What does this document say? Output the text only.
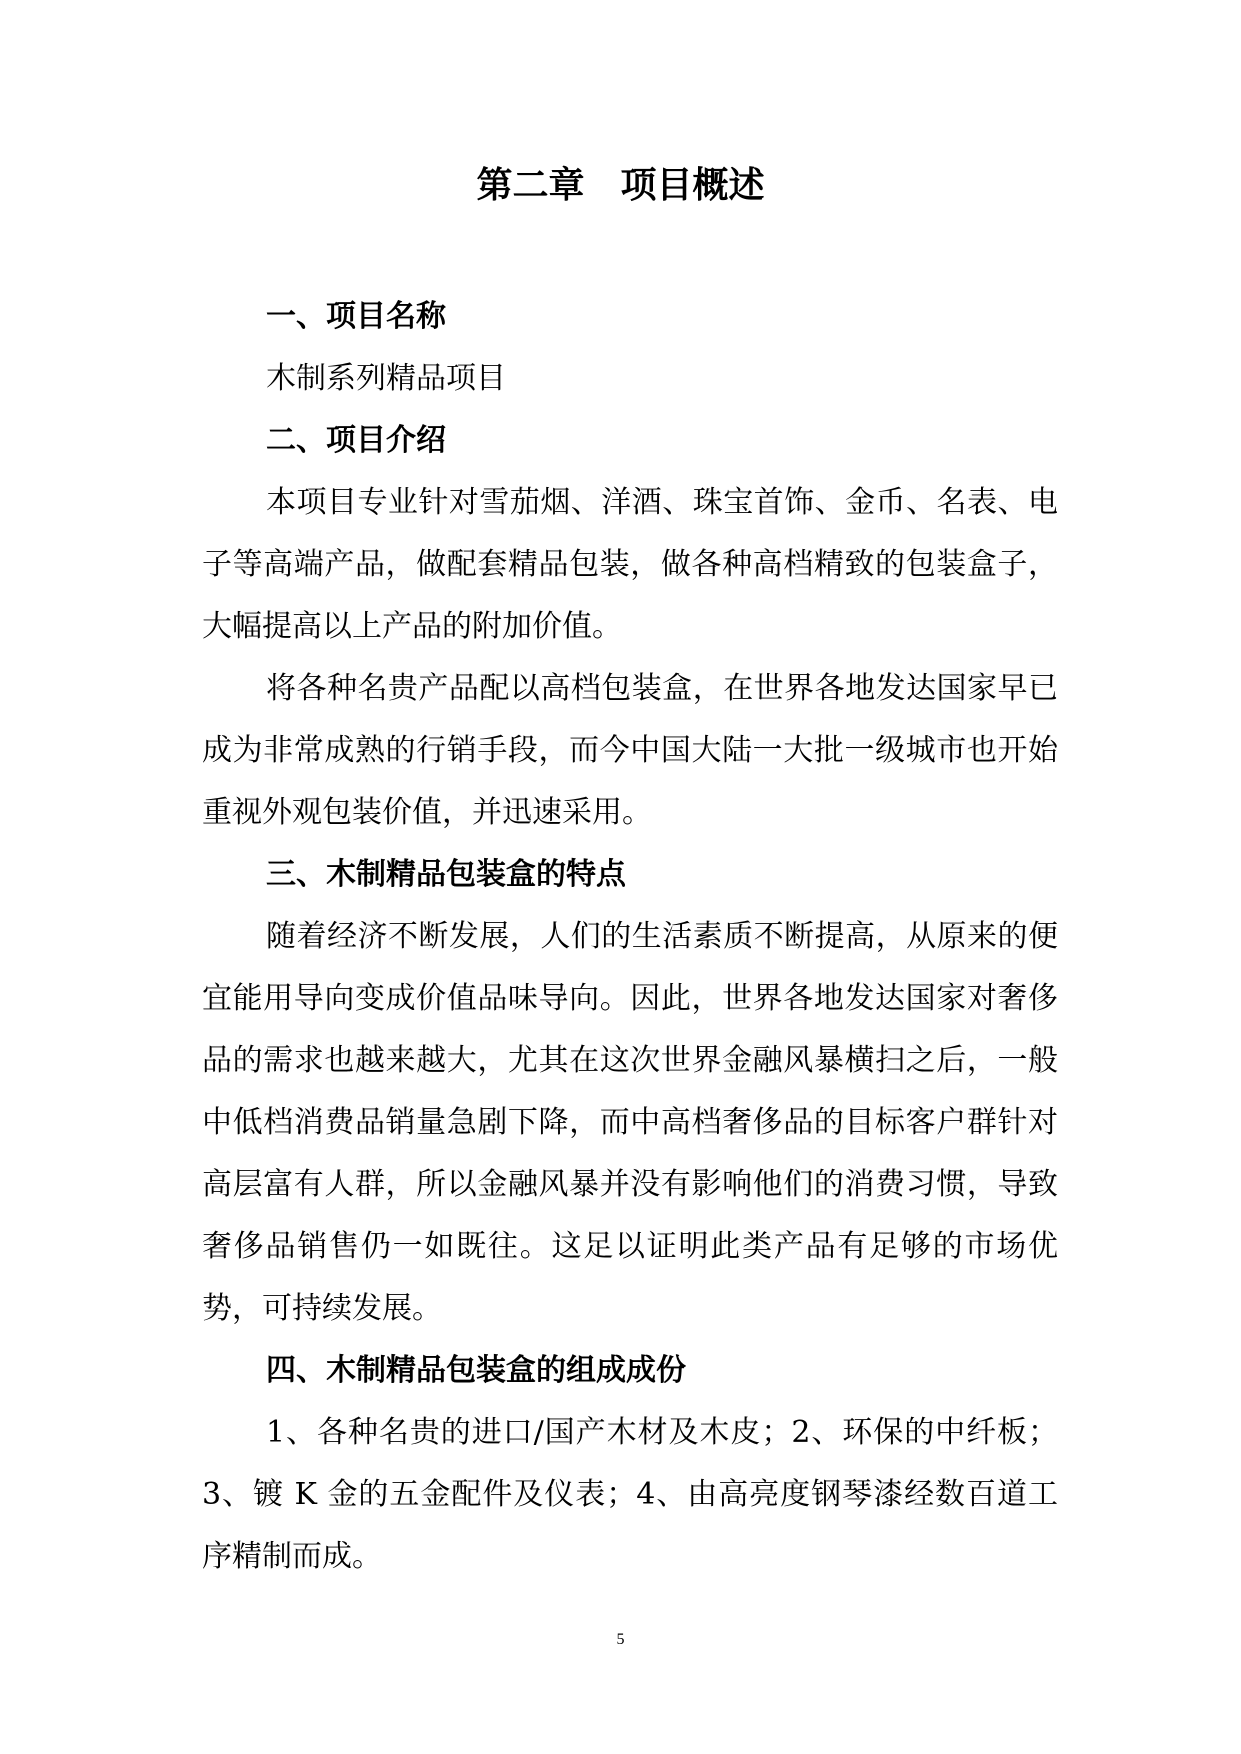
第二章　项目概述
一、项目名称

木制系列精品项目

二、项目介绍

本项目专业针对雪茄烟、洋酒、珠宝首饰、金币、名表、电子等高端产品，做配套精品包装，做各种高档精致的包装盒子，大幅提高以上产品的附加价值。

将各种名贵产品配以高档包装盒，在世界各地发达国家早已成为非常成熟的行销手段，而今中国大陆一大批一级城市也开始重视外观包装价值，并迅速采用。

三、木制精品包装盒的特点

随着经济不断发展，人们的生活素质不断提高，从原来的便宜能用导向变成价值品味导向。因此，世界各地发达国家对奢侈品的需求也越来越大，尤其在这次世界金融风暴横扫之后，一般中低档消费品销量急剧下降，而中高档奢侈品的目标客户群针对高层富有人群，所以金融风暴并没有影响他们的消费习惯，导致奢侈品销售仍一如既往。这足以证明此类产品有足够的市场优势，可持续发展。

四、木制精品包装盒的组成成份

1、各种名贵的进口/国产木材及木皮；2、环保的中纤板；3、镀 K 金的五金配件及仪表；4、由高亮度钢琴漆经数百道工序精制而成。

5
